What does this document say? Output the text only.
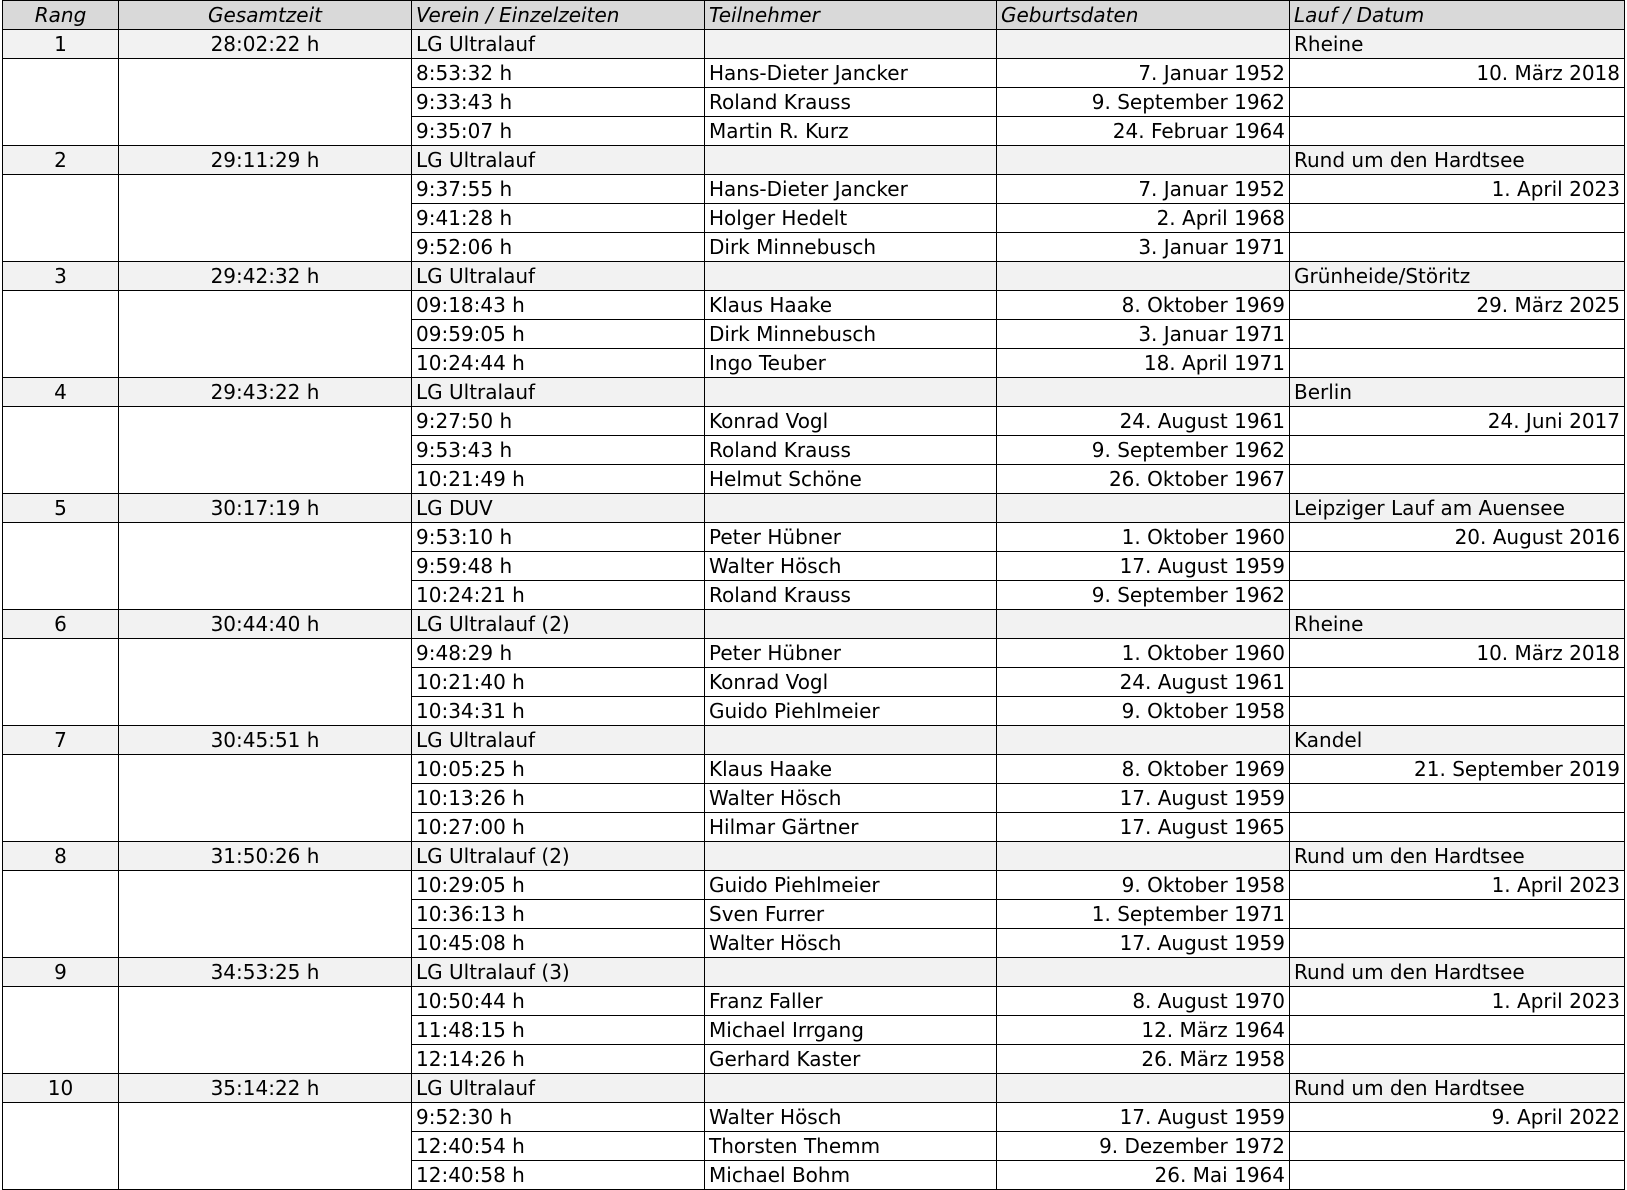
Rang	Gesamtzeit	Verein / Einzelzeiten	Teilnehmer	Geburtsdaten	Lauf / Datum
1	28:02:22 h	LG Ultralauf			Rheine
		8:53:32 h	Hans-Dieter Jancker	7. Januar 1952	10. März 2018
		9:33:43 h	Roland Krauss	9. September 1962	
		9:35:07 h	Martin R. Kurz	24. Februar 1964	
2	29:11:29 h	LG Ultralauf			Rund um den Hardtsee
		9:37:55 h	Hans-Dieter Jancker	7. Januar 1952	1. April 2023
		9:41:28 h	Holger Hedelt	2. April 1968	
		9:52:06 h	Dirk Minnebusch	3. Januar 1971	
3	29:42:32 h	LG Ultralauf			Grünheide/Störitz
		09:18:43 h	Klaus Haake	8. Oktober 1969	29. März 2025
		09:59:05 h	Dirk Minnebusch	3. Januar 1971	
		10:24:44 h	Ingo Teuber	18. April 1971	
4	29:43:22 h	LG Ultralauf			Berlin
		9:27:50 h	Konrad Vogl	24. August 1961	24. Juni 2017
		9:53:43 h	Roland Krauss	9. September 1962	
		10:21:49 h	Helmut Schöne	26. Oktober 1967	
5	30:17:19 h	LG DUV			Leipziger Lauf am Auensee
		9:53:10 h	Peter Hübner	1. Oktober 1960	20. August 2016
		9:59:48 h	Walter Hösch	17. August 1959	
		10:24:21 h	Roland Krauss	9. September 1962	
6	30:44:40 h	LG Ultralauf (2)			Rheine
		9:48:29 h	Peter Hübner	1. Oktober 1960	10. März 2018
		10:21:40 h	Konrad Vogl	24. August 1961	
		10:34:31 h	Guido Piehlmeier	9. Oktober 1958	
7	30:45:51 h	LG Ultralauf			Kandel
		10:05:25 h	Klaus Haake	8. Oktober 1969	21. September 2019
		10:13:26 h	Walter Hösch	17. August 1959	
		10:27:00 h	Hilmar Gärtner	17. August 1965	
8	31:50:26 h	LG Ultralauf (2)			Rund um den Hardtsee
		10:29:05 h	Guido Piehlmeier	9. Oktober 1958	1. April 2023
		10:36:13 h	Sven Furrer	1. September 1971	
		10:45:08 h	Walter Hösch	17. August 1959	
9	34:53:25 h	LG Ultralauf (3)			Rund um den Hardtsee
		10:50:44 h	Franz Faller	8. August 1970	1. April 2023
		11:48:15 h	Michael Irrgang	12. März 1964	
		12:14:26 h	Gerhard Kaster	26. März 1958	
10	35:14:22 h	LG Ultralauf			Rund um den Hardtsee
		9:52:30 h	Walter Hösch	17. August 1959	9. April 2022
		12:40:54 h	Thorsten Themm	9. Dezember 1972	
		12:40:58 h	Michael Bohm	26. Mai 1964	
